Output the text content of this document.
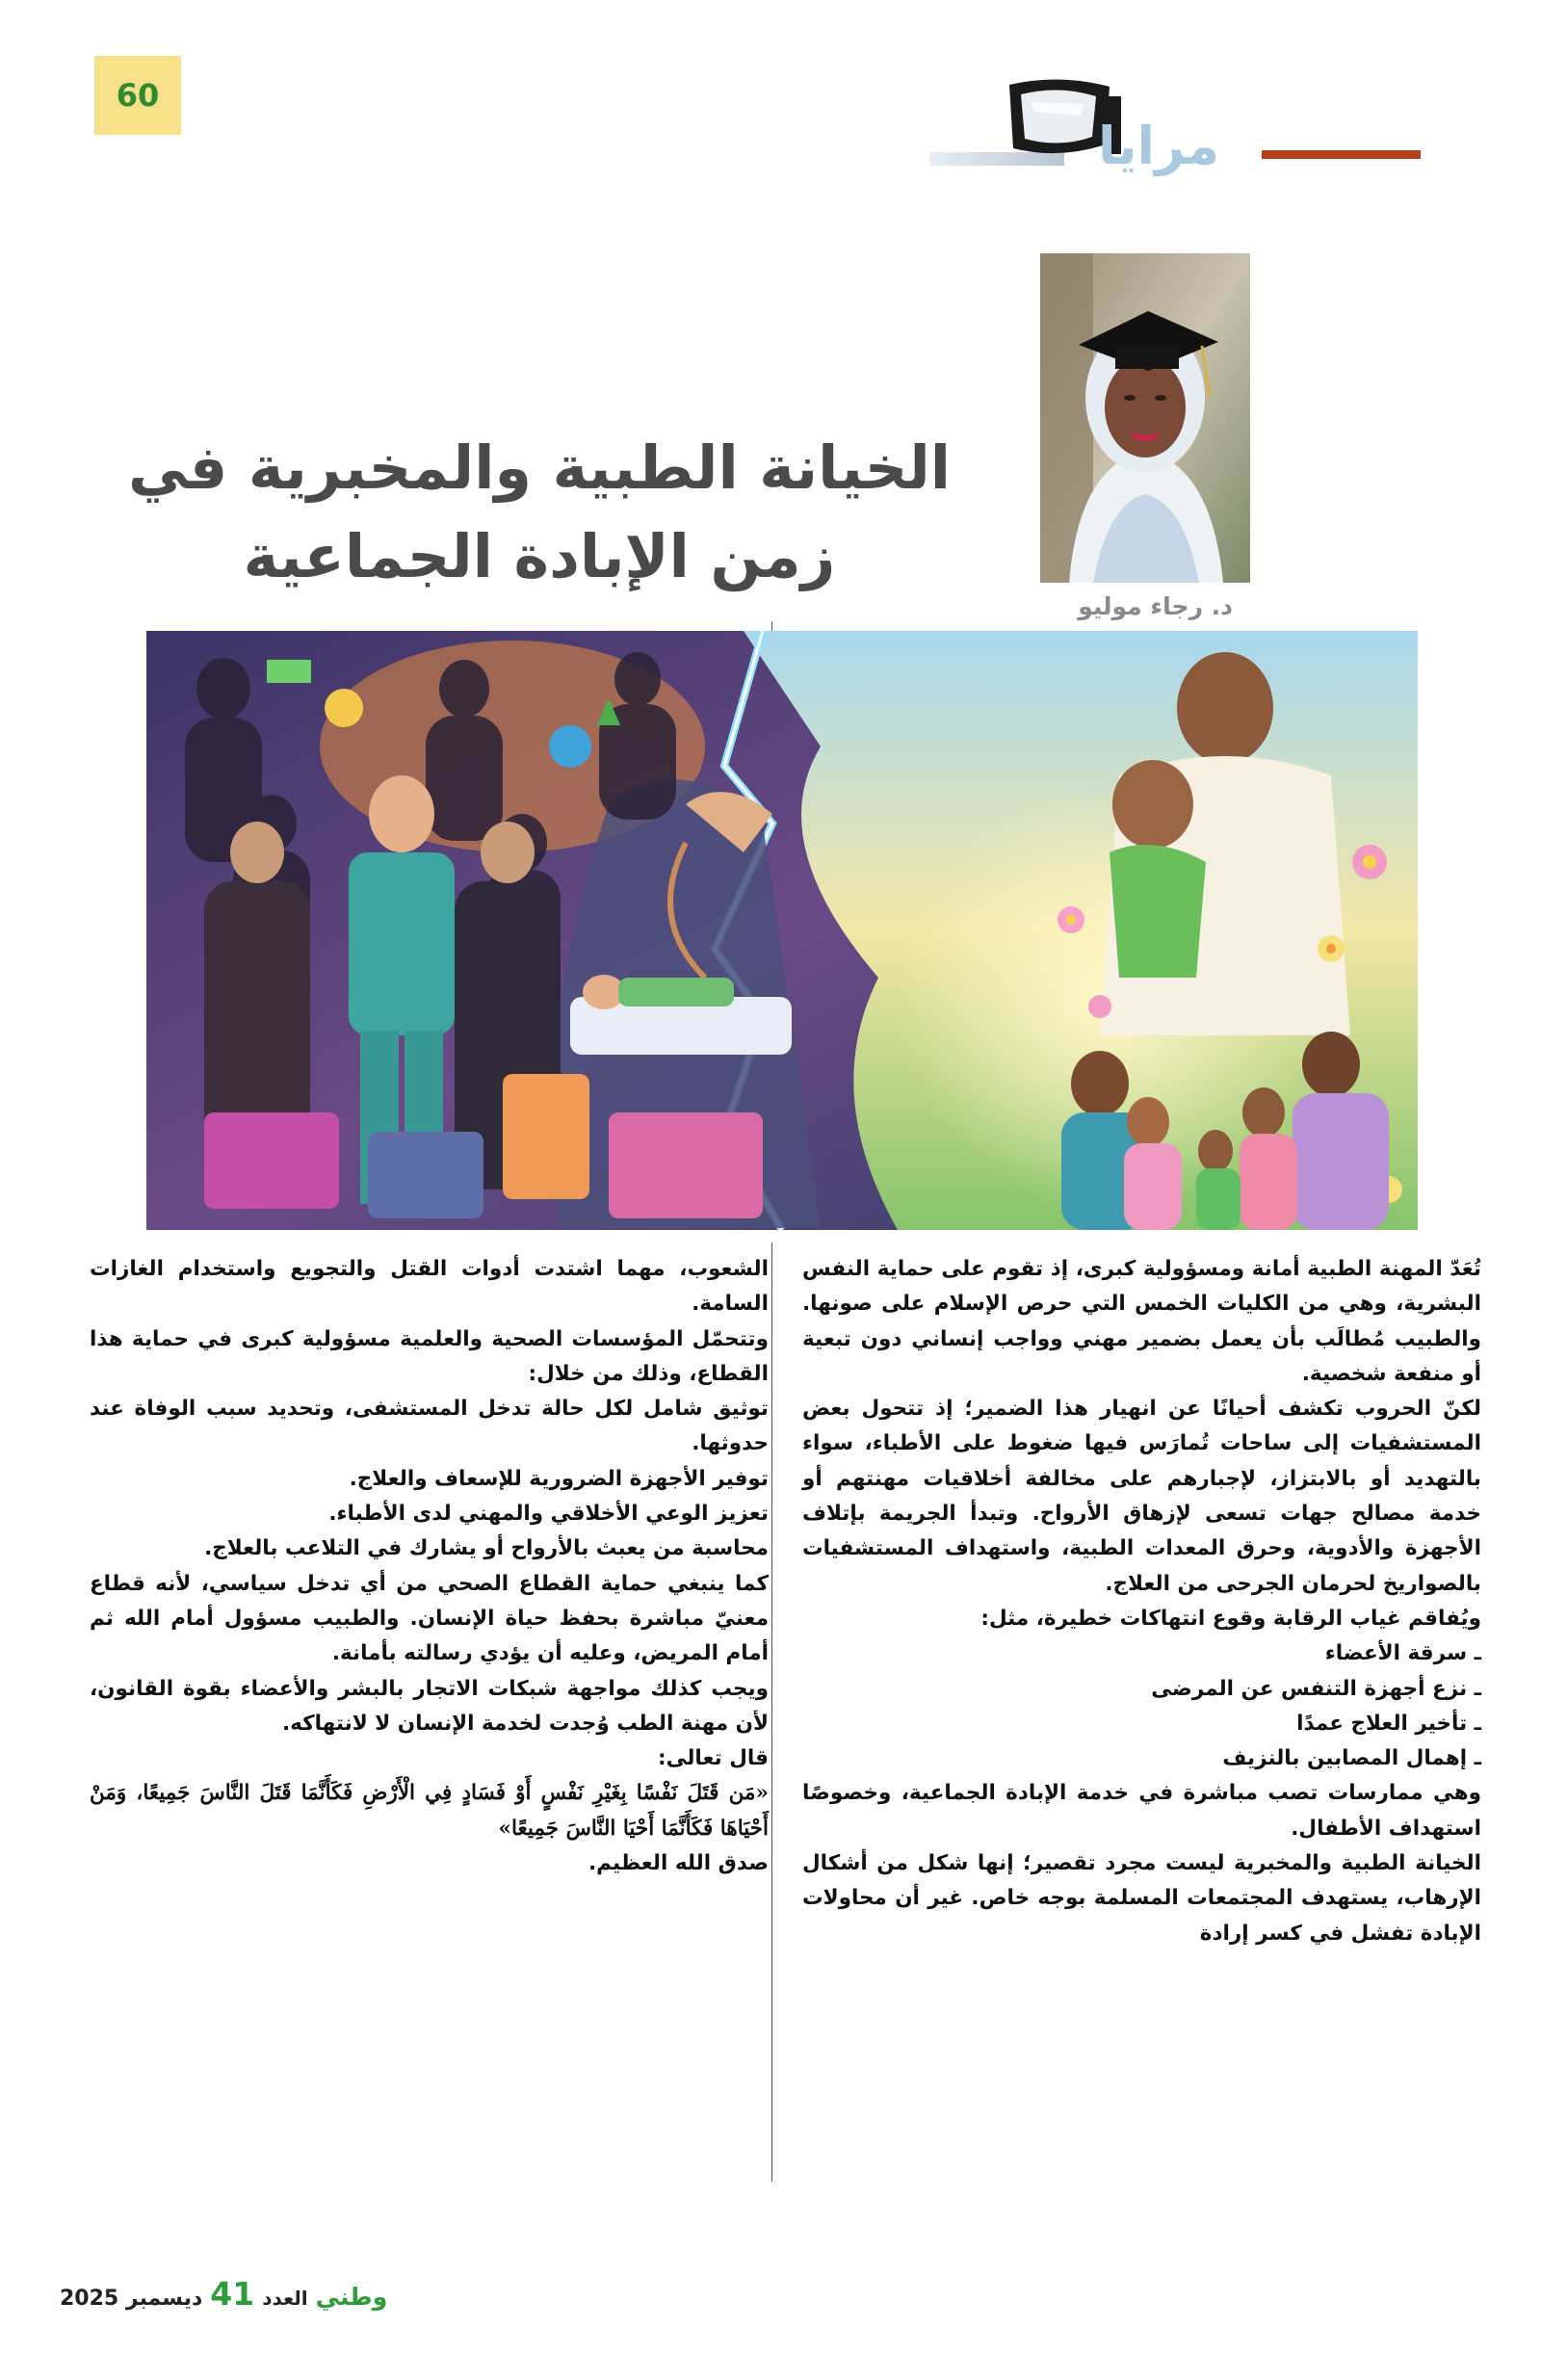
60
مرايا
الخيانة الطبية والمخبرية في
زمن الإبادة الجماعية
د. رجاء موليو

تُعَدّ المهنة الطبية أمانة ومسؤولية كبرى، إذ تقوم على حماية النفس البشرية، وهي من الكليات الخمس التي حرص الإسلام على صونها. والطبيب مُطالَب بأن يعمل بضمير مهني وواجب إنساني دون تبعية أو منفعة شخصية.

لكنّ الحروب تكشف أحيانًا عن انهيار هذا الضمير؛ إذ تتحول بعض المستشفيات إلى ساحات تُمارَس فيها ضغوط على الأطباء، سواء بالتهديد أو بالابتزاز، لإجبارهم على مخالفة أخلاقيات مهنتهم أو خدمة مصالح جهات تسعى لإزهاق الأرواح. وتبدأ الجريمة بإتلاف الأجهزة والأدوية، وحرق المعدات الطبية، واستهداف المستشفيات بالصواريخ لحرمان الجرحى من العلاج.

ويُفاقم غياب الرقابة وقوع انتهاكات خطيرة، مثل:

ـ سرقة الأعضاء

ـ نزع أجهزة التنفس عن المرضى

ـ تأخير العلاج عمدًا

ـ إهمال المصابين بالنزيف

وهي ممارسات تصب مباشرة في خدمة الإبادة الجماعية، وخصوصًا استهداف الأطفال.

الخيانة الطبية والمخبرية ليست مجرد تقصير؛ إنها شكل من أشكال الإرهاب، يستهدف المجتمعات المسلمة بوجه خاص. غير أن محاولات الإبادة تفشل في كسر إرادة

الشعوب، مهما اشتدت أدوات القتل والتجويع واستخدام الغازات السامة.

وتتحمّل المؤسسات الصحية والعلمية مسؤولية كبرى في حماية هذا القطاع، وذلك من خلال:

توثيق شامل لكل حالة تدخل المستشفى، وتحديد سبب الوفاة عند حدوثها.

توفير الأجهزة الضرورية للإسعاف والعلاج.

تعزيز الوعي الأخلاقي والمهني لدى الأطباء.

محاسبة من يعبث بالأرواح أو يشارك في التلاعب بالعلاج.

كما ينبغي حماية القطاع الصحي من أي تدخل سياسي، لأنه قطاع معنيّ مباشرة بحفظ حياة الإنسان. والطبيب مسؤول أمام الله ثم أمام المريض، وعليه أن يؤدي رسالته بأمانة.

ويجب كذلك مواجهة شبكات الاتجار بالبشر والأعضاء بقوة القانون، لأن مهنة الطب وُجدت لخدمة الإنسان لا لانتهاكه.

قال تعالى:

«مَن قَتَلَ نَفْسًا بِغَيْرِ نَفْسٍ أَوْ فَسَادٍ فِي الْأَرْضِ فَكَأَنَّمَا قَتَلَ النَّاسَ جَمِيعًا، وَمَنْ أَحْيَاهَا فَكَأَنَّمَا أَحْيَا النَّاسَ جَمِيعًا»

صدق الله العظيم.

وطني
العدد
41
ديسمبر 2025
